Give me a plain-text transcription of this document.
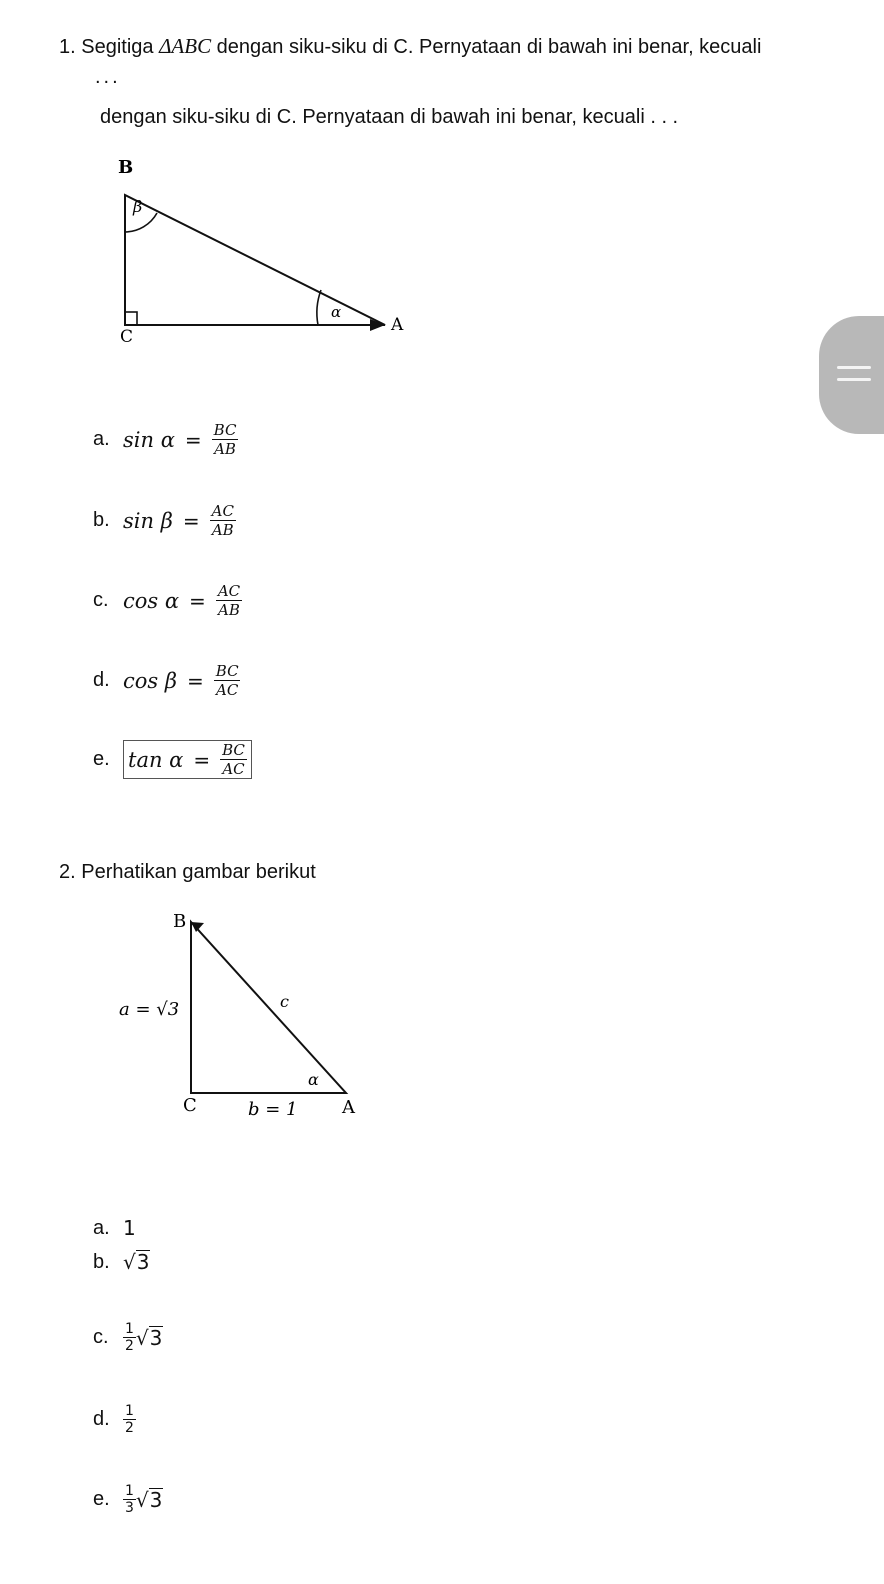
1. Segitiga ΔABC dengan siku-siku di C. Pernyataan di bawah ini benar, kecuali
...
dengan siku-siku di C. Pernyataan di bawah ini benar, kecuali . . .
B
C
A
β
α
a. $\sin \alpha = \frac{BC}{AB}$
b. $\sin \beta = \frac{AC}{AB}$
c. $\cos \alpha = \frac{AC}{AB}$
d. $\cos \beta = \frac{BC}{AC}$
e. $\tan \alpha = \frac{BC}{AC}$
2. Perhatikan gambar berikut
B
a = √3	c
α
C	b = 1 A
a. 1
b. √ 3
c.	$\frac{1}{2}$ √ 3
d. $\frac{1}{2}$
e. $\frac{1}{3}$ √ 3
